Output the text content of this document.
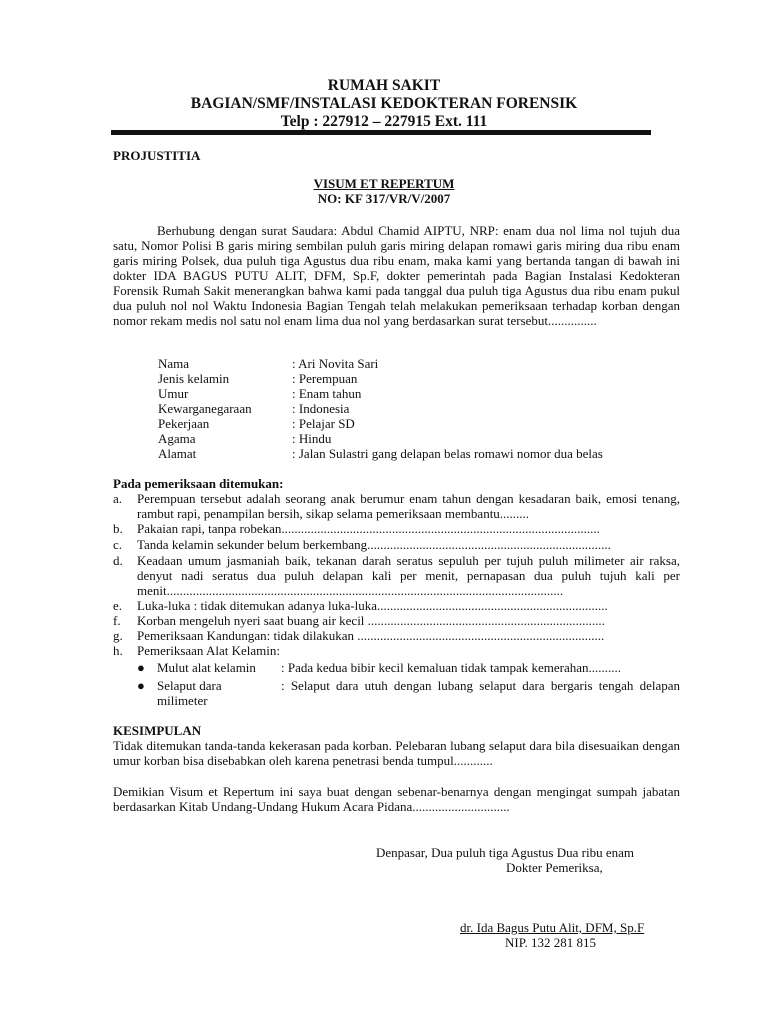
RUMAH SAKIT
BAGIAN/SMF/INSTALASI KEDOKTERAN FORENSIK
Telp : 227912 – 227915 Ext. 111
PROJUSTITIA
VISUM ET REPERTUM
NO: KF 317/VR/V/2007
Berhubung dengan surat Saudara: Abdul Chamid AIPTU, NRP: enam dua nol lima nol tujuh dua satu, Nomor Polisi B garis miring sembilan puluh garis miring delapan romawi garis miring dua ribu enam garis miring Polsek, dua puluh tiga Agustus dua ribu enam, maka kami yang bertanda tangan di bawah ini dokter IDA BAGUS PUTU ALIT, DFM, Sp.F, dokter pemerintah pada Bagian Instalasi Kedokteran Forensik Rumah Sakit menerangkan bahwa kami pada tanggal dua puluh tiga Agustus dua ribu enam pukul dua puluh nol nol Waktu Indonesia Bagian Tengah telah melakukan pemeriksaan terhadap korban dengan nomor rekam medis nol satu nol enam lima dua nol yang berdasarkan surat tersebut...............
Nama	: Ari Novita Sari
Jenis kelamin	: Perempuan
Umur	: Enam tahun
Kewarganegaraan	: Indonesia
Pekerjaan	: Pelajar SD
Agama	: Hindu
Alamat	: Jalan Sulastri gang delapan belas romawi nomor dua belas
Pada pemeriksaan ditemukan:
a. Perempuan tersebut adalah seorang anak berumur enam tahun dengan kesadaran baik, emosi tenang, rambut rapi, penampilan bersih, sikap selama pemeriksaan membantu.........
b. Pakaian rapi, tanpa robekan..................................................................................................
c. Tanda kelamin sekunder belum berkembang...........................................................................
d. Keadaan umum jasmaniah baik, tekanan darah seratus sepuluh per tujuh puluh milimeter air raksa, denyut nadi seratus dua puluh delapan kali per menit, pernapasan dua puluh tujuh kali per menit..........................................................................................................................
e. Luka-luka : tidak ditemukan adanya luka-luka.......................................................................
f. Korban mengeluh nyeri saat buang air kecil .........................................................................
g. Pemeriksaan Kandungan: tidak dilakukan ............................................................................
h. Pemeriksaan Alat Kelamin:
● Mulut alat kelamin : Pada kedua bibir kecil kemaluan tidak tampak kemerahan..........
● Selaput dara	: Selaput dara utuh dengan lubang selaput dara bergaris tengah delapan milimeter
KESIMPULAN
Tidak ditemukan tanda-tanda kekerasan pada korban. Pelebaran lubang selaput dara bila disesuaikan dengan umur korban bisa disebabkan oleh karena penetrasi benda tumpul............
Demikian Visum et Repertum ini saya buat dengan sebenar-benarnya dengan mengingat sumpah jabatan berdasarkan Kitab Undang-Undang Hukum Acara Pidana..............................
Denpasar, Dua puluh tiga Agustus Dua ribu enam
Dokter Pemeriksa,
dr. Ida Bagus Putu Alit, DFM, Sp.F
NIP. 132 281 815
